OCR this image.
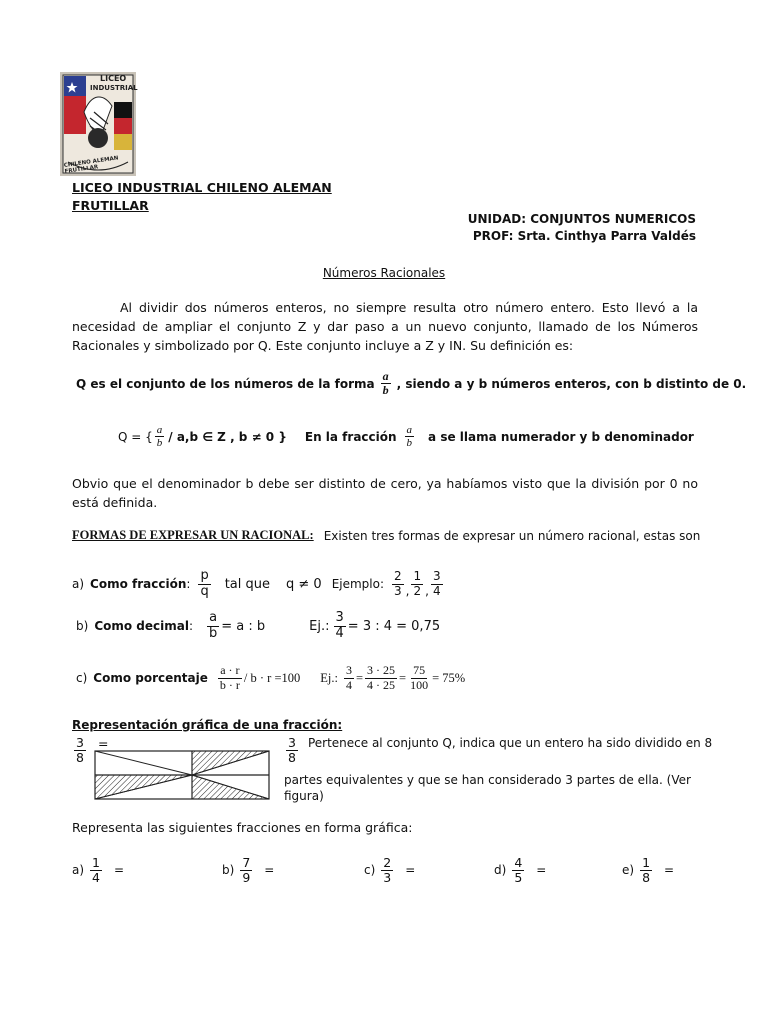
LICEO
INDUSTRIAL
CHILENO ALEMAN FRUTILLAR
LICEO INDUSTRIAL CHILENO ALEMAN
FRUTILLAR
UNIDAD: CONJUNTOS NUMERICOS
PROF: Srta. Cinthya Parra Valdés
Números Racionales

Al dividir dos números enteros, no siempre resulta otro número entero. Esto llevó a la necesidad de ampliar el conjunto Z y dar paso a un nuevo conjunto, llamado de los Números Racionales y simbolizado por Q. Este conjunto incluye a Z y IN. Su definición es:

Q es el conjunto de los números de la forma $\frac{a}{b}$ , siendo a y b números enteros, con b distinto de 0.
Q = { $\frac{a}{b} / a,b$ ∈ Z , b ≠ 0 } En la fracción $\frac{a}{b}$ a se llama numerador y b denominador

Obvio que el denominador b debe ser distinto de cero, ya habíamos visto que la división por 0 no está definida.

FORMAS DE EXPRESAR UN RACIONAL: Existen tres formas de expresar un número racional, estas son
a) Como fracción : $\frac{p}{q}$ tal que q ≠ 0 Ejemplo: $\frac{2}{3}$ , $\frac{1}{2}$ , $\frac{3}{4}$
b) Como decimal : $\frac{a}{b} = a$ : b	Ej.: $\frac{3}{4} = 3$ : 4 = 0,75
c) Como porcentaje $\frac{a \cdot r}{b \cdot r} / b \cdot r =100$ Ej.: $\frac{3}{4} = \frac{3 \cdot 25}{4 \cdot 25} = \frac{75}{100} = 75\%$
Representación gráfica de una fracción:
$\frac{3}{8}$ =	$\frac{3}{8}$ Pertenece al conjunto Q, indica que un entero ha sido dividido en 8
partes equivalentes y que se han considerado 3 partes de ella. (Ver figura)
Representa las siguientes fracciones en forma gráfica:
$a) \frac{1}{4}$ =	$b) \frac{7}{9}$ =	$c) \frac{2}{3}$ =	$d) \frac{4}{5}$ =	$e) \frac{1}{8}$ =
